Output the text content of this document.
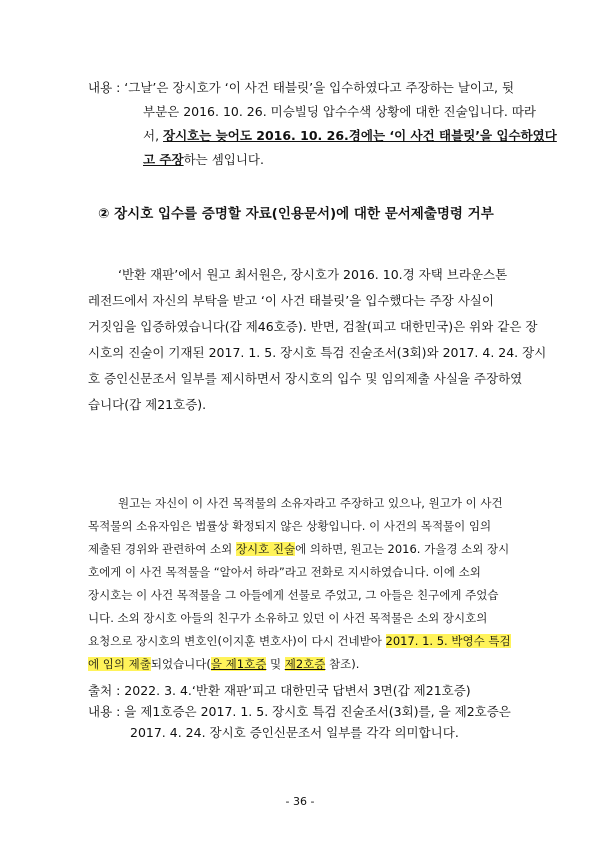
내용 : ‘그날’은 장시호가 ‘이 사건 태블릿’을 입수하였다고 주장하는 날이고, 뒷
부분은 2016. 10. 26. 미승빌딩 압수수색 상황에 대한 진술입니다. 따라
서, 장시호는 늦어도 2016. 10. 26.경에는 ‘이 사건 태블릿’을 입수하였다
고 주장하는 셈입니다.
② 장시호 입수를 증명할 자료(인용문서)에 대한 문서제출명령 거부
‘반환 재판’에서 원고 최서원은, 장시호가 2016. 10.경 자택 브라운스톤
레전드에서 자신의 부탁을 받고 ‘이 사건 태블릿’을 입수했다는 주장 사실이
거짓임을 입증하였습니다(갑 제46호증). 반면, 검찰(피고 대한민국)은 위와 같은 장
시호의 진술이 기재된 2017. 1. 5. 장시호 특검 진술조서(3회)와 2017. 4. 24. 장시
호 증인신문조서 일부를 제시하면서 장시호의 입수 및 임의제출 사실을 주장하였
습니다(갑 제21호증).
원고는 자신이 이 사건 목적물의 소유자라고 주장하고 있으나, 원고가 이 사건
목적물의 소유자임은 법률상 확정되지 않은 상황입니다. 이 사건의 목적물이 임의
제출된 경위와 관련하여 소외 장시호 진술에 의하면, 원고는 2016. 가을경 소외 장시
호에게 이 사건 목적물을 “알아서 하라”라고 전화로 지시하였습니다. 이에 소외
장시호는 이 사건 목적물을 그 아들에게 선물로 주었고, 그 아들은 친구에게 주었습
니다. 소외 장시호 아들의 친구가 소유하고 있던 이 사건 목적물은 소외 장시호의
요청으로 장시호의 변호인(이지훈 변호사)이 다시 건네받아 2017. 1. 5. 박영수 특검
에 임의 제출되었습니다(을 제1호증 및 제2호증 참조).
출처 : 2022. 3. 4.‘반환 재판’피고 대한민국 답변서 3면(갑 제21호증)
내용 : 을 제1호증은 2017. 1. 5. 장시호 특검 진술조서(3회)를, 을 제2호증은
2017. 4. 24. 장시호 증인신문조서 일부를 각각 의미합니다.
- 36 -
